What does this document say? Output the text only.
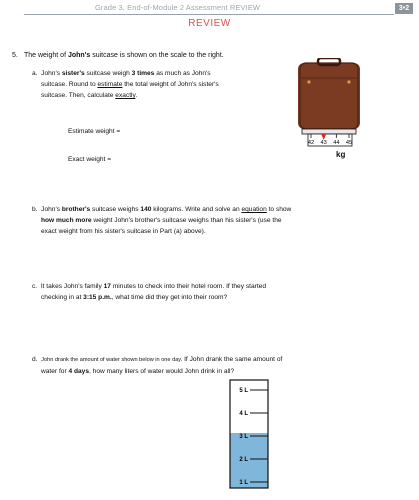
Grade 3, End-of-Module 2 Assessment REVIEW	3•2
REVIEW
5. The weight of John's suitcase is shown on the scale to the right.
a. John's sister's suitcase weigh 3 times as much as John's
suitcase. Round to estimate the total weight of John's sister's
suitcase. Then, calculate exactly.
Estimate weight =
Exact weight =
42 43 44 45
kg
b. John's brother's suitcase weighs 140 kilograms. Write and solve an equation to show
how much more weight John's brother's suitcase weighs than his sister's (use the
exact weight from his sister's suitcase in Part (a) above).
c. It takes John's family 17 minutes to check into their hotel room. If they started
checking in at 3:15 p.m., what time did they get into their room?
d. John drank the amount of water shown below in one day. If John drank the same amount of
water for 4 days, how many liters of water would John drink in all?
5 L
4 L
3 L
2 L
1 L
